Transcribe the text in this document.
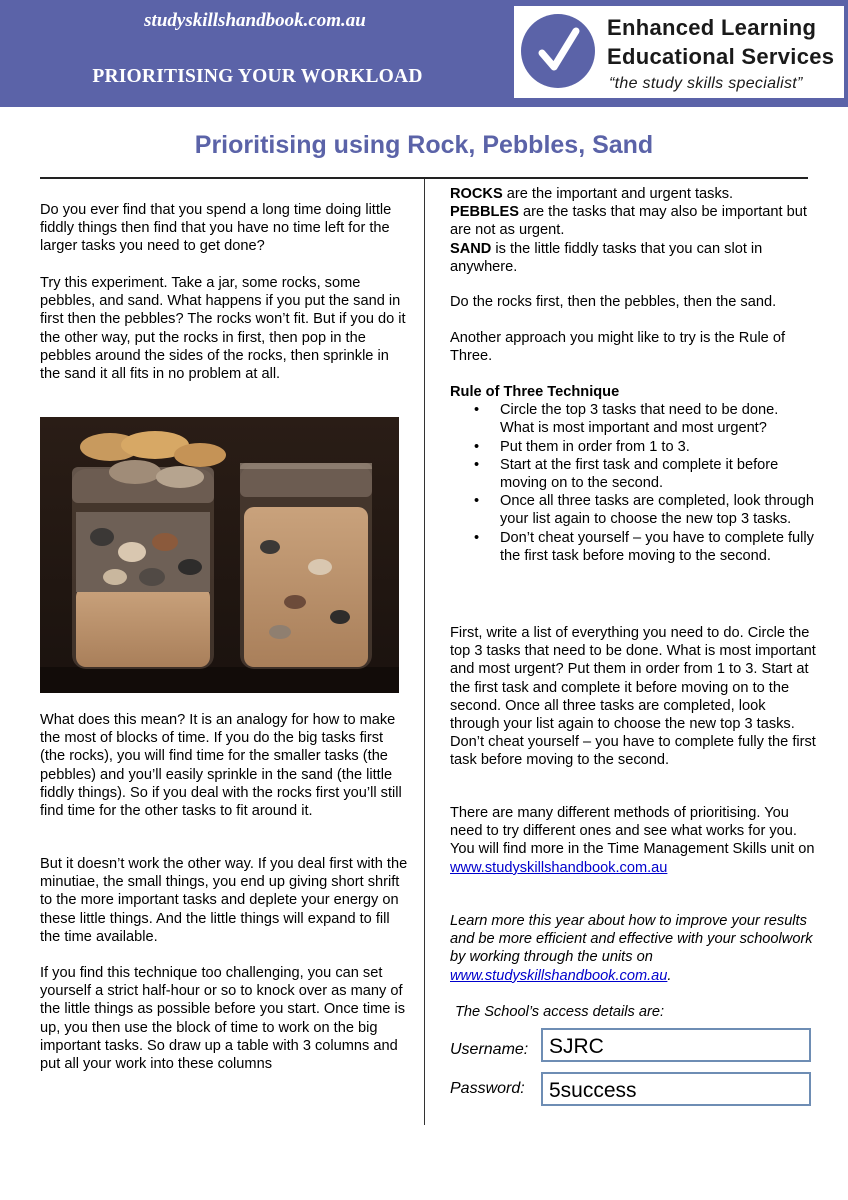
studyskillshandbook.com.au
PRIORITISING YOUR WORKLOAD
Enhanced Learning
Educational Services
“the study skills specialist”
Prioritising using Rock, Pebbles, Sand

Do you ever find that you spend a long time doing little fiddly things then find that you have no time left for the larger tasks you need to get done?

Try this experiment. Take a jar, some rocks, some pebbles, and sand. What happens if you put the sand in first then the pebbles? The rocks won’t fit. But if you do it the other way, put the rocks in first, then pop in the pebbles around the sides of the rocks, then sprinkle in the sand it all fits in no problem at all.

What does this mean? It is an analogy for how to make the most of blocks of time. If you do the big tasks first (the rocks), you will find time for the smaller tasks (the pebbles) and you’ll easily sprinkle in the sand (the little fiddly things). So if you deal with the rocks first you’ll still find time for the other tasks to fit around it.

But it doesn’t work the other way. If you deal first with the minutiae, the small things, you end up giving short shrift to the more important tasks and deplete your energy on these little things. And the little things will expand to fill the time available.

If you find this technique too challenging, you can set yourself a strict half-hour or so to knock over as many of the little things as possible before you start. Once time is up, you then use the block of time to work on the big important tasks. So draw up a table with 3 columns and put all your work into these columns

ROCKS are the important and urgent tasks.

PEBBLES are the tasks that may also be important but are not as urgent.

SAND is the little fiddly tasks that you can slot in anywhere.

Do the rocks first, then the pebbles, then the sand.

Another approach you might like to try is the Rule of Three.

Rule of Three Technique

• Circle the top 3 tasks that need to be done. What is most important and most urgent?
• Put them in order from 1 to 3.
• Start at the first task and complete it before moving on to the second.
• Once all three tasks are completed, look through your list again to choose the new top 3 tasks.
• Don’t cheat yourself – you have to complete fully the first task before moving to the second.

First, write a list of everything you need to do. Circle the top 3 tasks that need to be done. What is most important and most urgent? Put them in order from 1 to 3. Start at the first task and complete it before moving on to the second. Once all three tasks are completed, look through your list again to choose the new top 3 tasks. Don’t cheat yourself – you have to complete fully the first task before moving to the second.

There are many different methods of prioritising. You need to try different ones and see what works for you. You will find more in the Time Management Skills unit on www.studyskillshandbook.com.au

Learn more this year about how to improve your results and be more efficient and effective with your schoolwork by working through the units on www.studyskillshandbook.com.au.

The School’s access details are:
Username: SJRC
Password:	5success
